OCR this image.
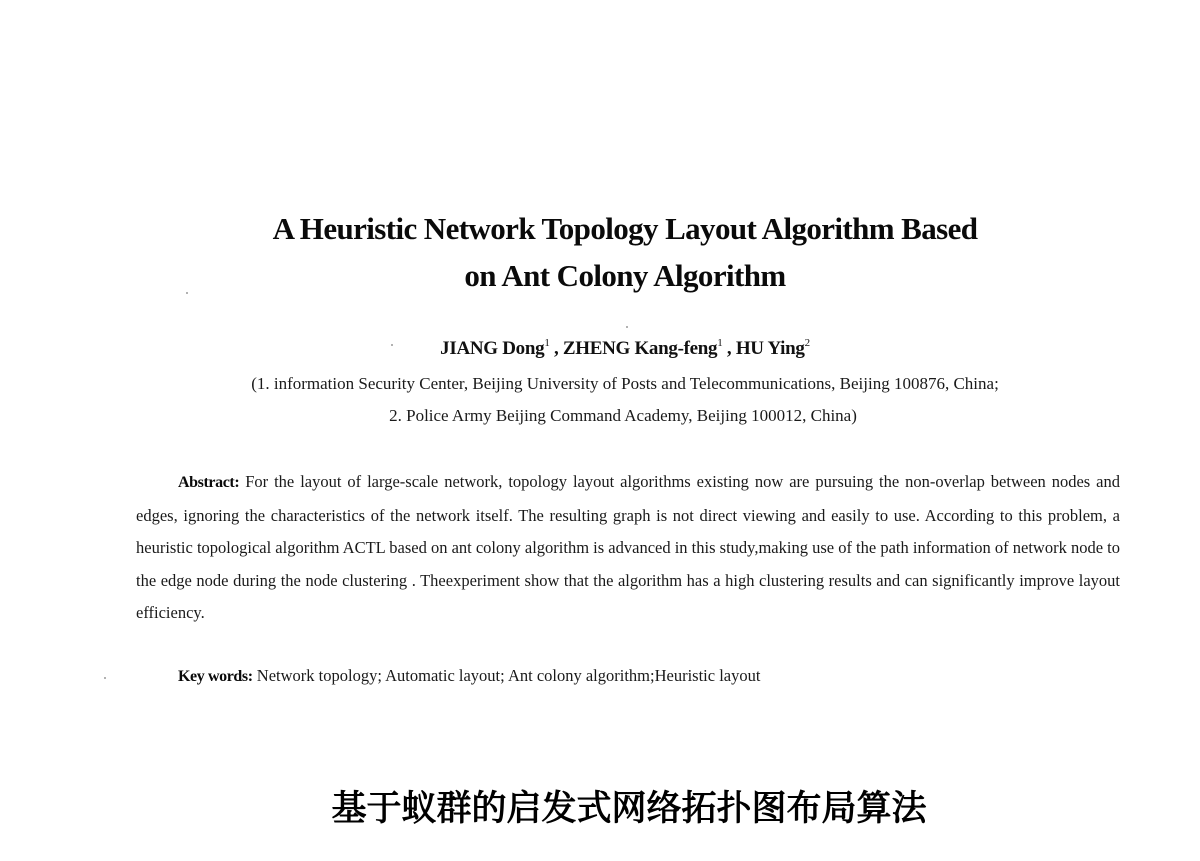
A Heuristic Network Topology Layout Algorithm Based
on Ant Colony Algorithm
JIANG Dong$^1$ , ZHENG Kang-feng$^1$ , HU Ying$^2$
(1. information Security Center, Beijing University of Posts and Telecommunications, Beijing 100876, China;
2. Police Army Beijing Command Academy, Beijing 100012, China)
Abstract: For the layout of large-scale network, topology layout algorithms existing now are pursuing the non-overlap between nodes and edges, ignoring the characteristics of the network itself. The resulting graph is not direct viewing and easily to use. According to this problem, a heuristic topological algorithm ACTL based on ant colony algorithm is advanced in this study,making use of the path information of network node to the edge node during the node clustering . Theexperiment show that the algorithm has a high clustering results and can significantly improve layout efficiency.
Key words: Network topology; Automatic layout; Ant colony algorithm;Heuristic layout
基于蚁群的启发式网络拓扑图布局算法
